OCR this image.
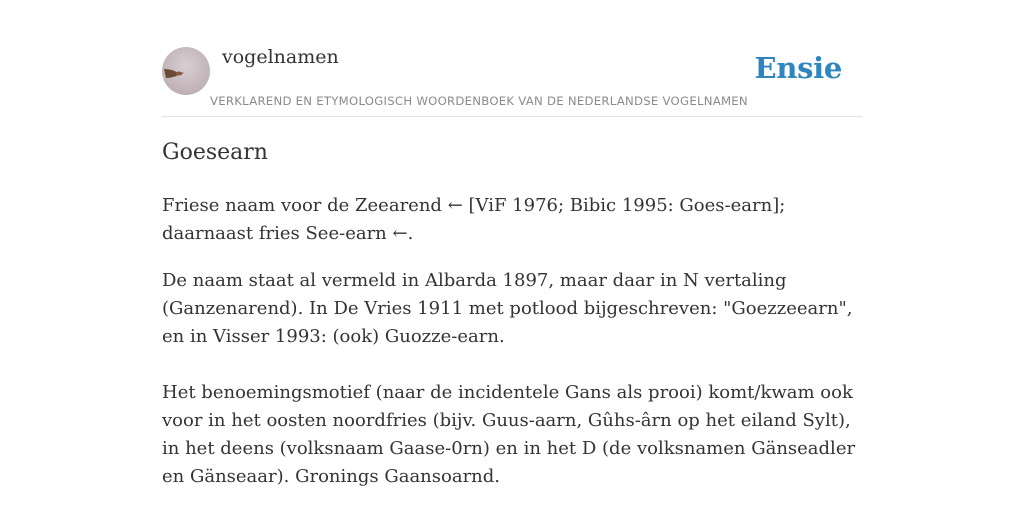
vogelnamen	Ensie
VERKLAREND EN ETYMOLOGISCH WOORDENBOEK VAN DE NEDERLANDSE VOGELNAMEN
Goesearn

Friese naam voor de Zeearend ← [ViF 1976; Bibic 1995: Goes-earn]; daarnaast fries See-earn ←.

De naam staat al vermeld in Albarda 1897, maar daar in N vertaling (Ganzenarend). In De Vries 1911 met potlood bijgeschreven: "Goezzeearn", en in Visser 1993: (ook) Guozze-earn.

Het benoemingsmotief (naar de incidentele Gans als prooi) komt/kwam ook voor in het oosten noordfries (bijv. Guus-aarn, Gûhs-ârn op het eiland Sylt), in het deens (volksnaam Gaase-0rn) en in het D (de volksnamen Gänseadler en Gänseaar). Gronings Gaansoarnd.
